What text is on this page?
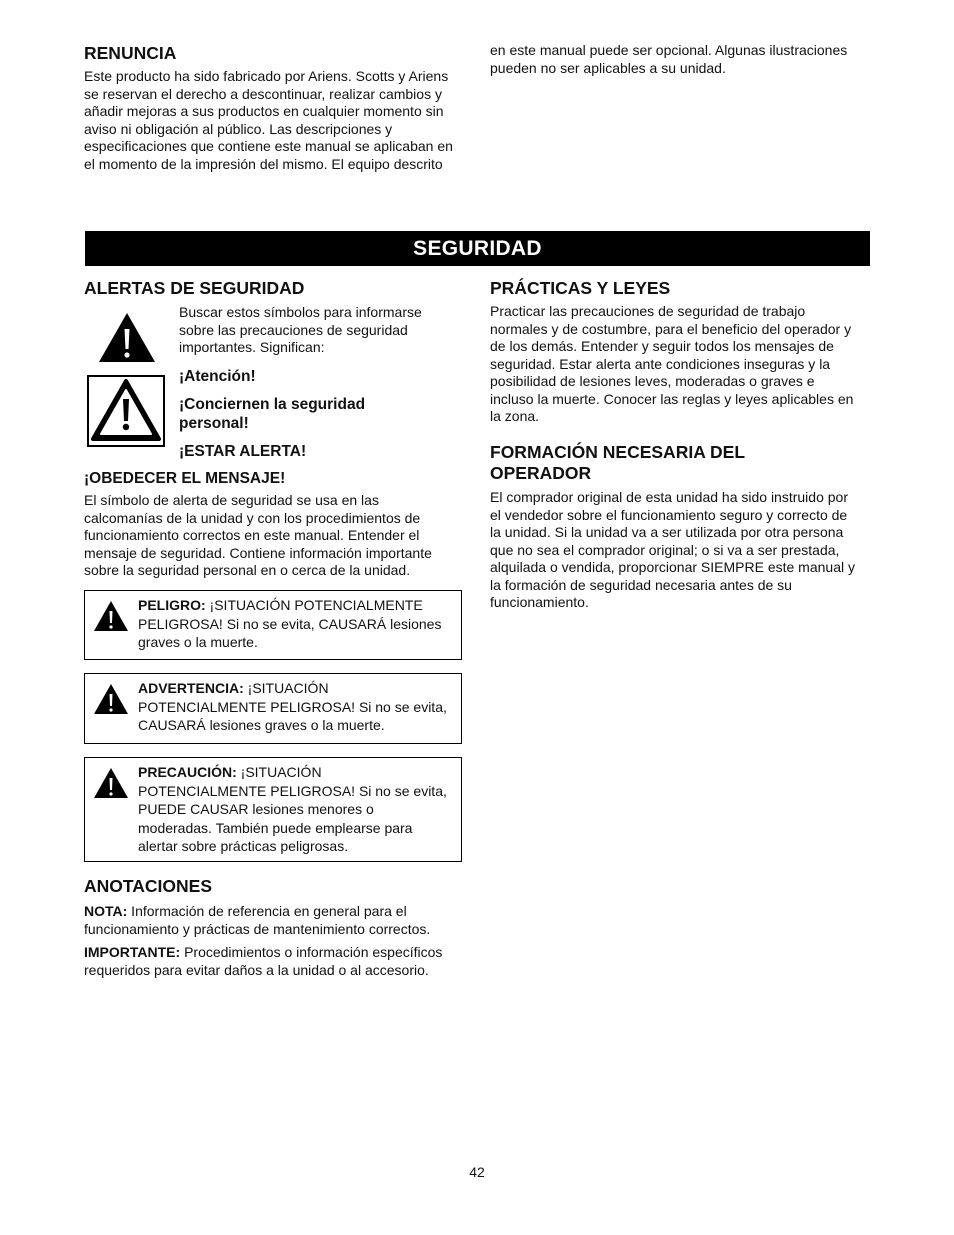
RENUNCIA
Este producto ha sido fabricado por Ariens. Scotts y Ariens
se reservan el derecho a descontinuar, realizar cambios y
añadir mejoras a sus productos en cualquier momento sin
aviso ni obligación al público. Las descripciones y
especificaciones que contiene este manual se aplicaban en
el momento de la impresión del mismo. El equipo descrito
en este manual puede ser opcional. Algunas ilustraciones
pueden no ser aplicables a su unidad.
SEGURIDAD
ALERTAS DE SEGURIDAD
Buscar estos símbolos para informarse
sobre las precauciones de seguridad
importantes. Significan:
¡Atención!
¡Conciernen la seguridad
personal!
¡ESTAR ALERTA!
¡OBEDECER EL MENSAJE!
El símbolo de alerta de seguridad se usa en las
calcomanías de la unidad y con los procedimientos de
funcionamiento correctos en este manual. Entender el
mensaje de seguridad. Contiene información importante
sobre la seguridad personal en o cerca de la unidad.
PELIGRO: ¡SITUACIÓN POTENCIALMENTE
PELIGROSA! Si no se evita, CAUSARÁ lesiones
graves o la muerte.
ADVERTENCIA: ¡SITUACIÓN
POTENCIALMENTE PELIGROSA! Si no se evita,
CAUSARÁ lesiones graves o la muerte.
PRECAUCIÓN: ¡SITUACIÓN
POTENCIALMENTE PELIGROSA! Si no se evita,
PUEDE CAUSAR lesiones menores o
moderadas. También puede emplearse para
alertar sobre prácticas peligrosas.
ANOTACIONES
NOTA: Información de referencia en general para el
funcionamiento y prácticas de mantenimiento correctos.
IMPORTANTE: Procedimientos o información específicos
requeridos para evitar daños a la unidad o al accesorio.
PRÁCTICAS Y LEYES
Practicar las precauciones de seguridad de trabajo
normales y de costumbre, para el beneficio del operador y
de los demás. Entender y seguir todos los mensajes de
seguridad. Estar alerta ante condiciones inseguras y la
posibilidad de lesiones leves, moderadas o graves e
incluso la muerte. Conocer las reglas y leyes aplicables en
la zona.
FORMACIÓN NECESARIA DEL
OPERADOR
El comprador original de esta unidad ha sido instruido por
el vendedor sobre el funcionamiento seguro y correcto de
la unidad. Si la unidad va a ser utilizada por otra persona
que no sea el comprador original; o si va a ser prestada,
alquilada o vendida, proporcionar SIEMPRE este manual y
la formación de seguridad necesaria antes de su
funcionamiento.
42
